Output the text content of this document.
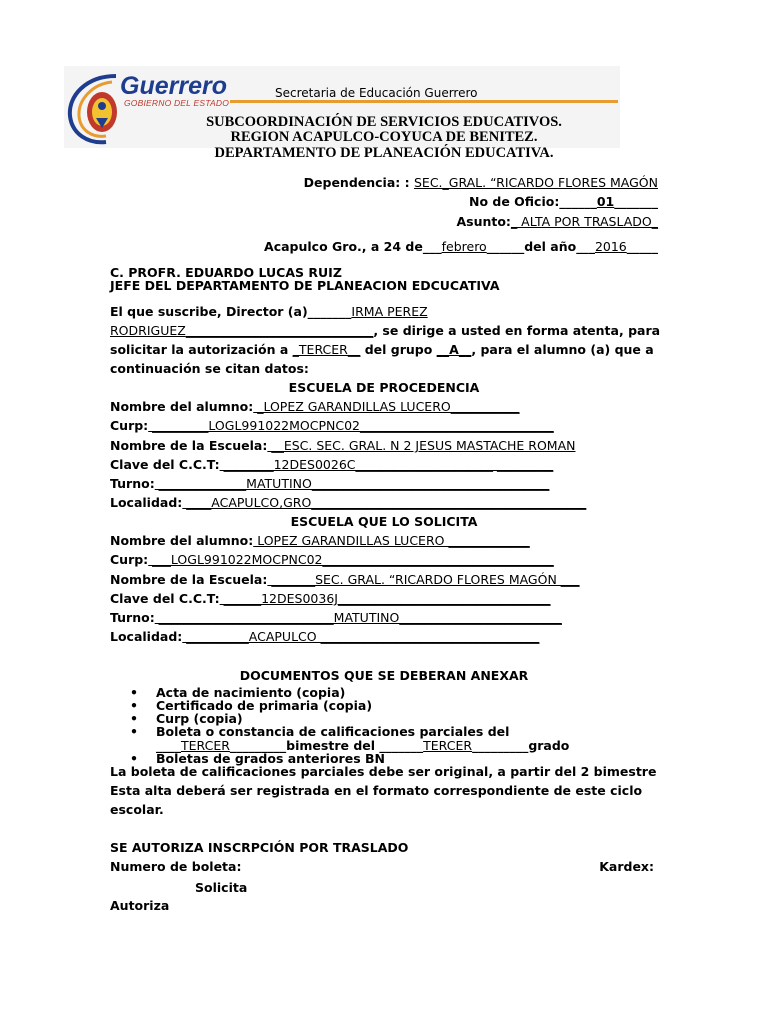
Guerrero
GOBIERNO DEL ESTADO
Secretaria de Educación Guerrero
SUBCOORDINACIÓN DE SERVICIOS EDUCATIVOS.
REGION ACAPULCO-COYUCA DE BENITEZ.
DEPARTAMENTO DE PLANEACIÓN EDUCATIVA.
Dependencia: : SEC._GRAL. “RICARDO FLORES MAGÓN
No de Oficio:______01_______
Asunto:_ ALTA POR TRASLADO_
Acapulco Gro., a 24 de___febrero______del año___2016_____
C. PROFR. EDUARDO LUCAS RUIZ
JEFE DEL DEPARTAMENTO DE PLANEACION EDCUCATIVA
El que suscribe, Director (a)_______IRMA PEREZ
RODRIGUEZ______________________________, se dirige a usted en forma atenta, para
solicitar la autorización a _TERCER__ del grupo __A__, para el alumno (a) que a
continuación se citan datos:
ESCUELA DE PROCEDENCIA
Nombre del alumno: _LOPEZ GARANDILLAS LUCERO___________
Curp: _________LOGL991022MOCPNC02_______________________________
Nombre de la Escuela: __ESC. SEC. GRAL. N 2 JESUS MASTACHE ROMAN
Clave del C.C.T: ________12DES0026C______________________ _________
Turno: ______________MATUTINO______________________________________
Localidad: ____ACAPULCO,GRO____________________________________________
ESCUELA QUE LO SOLICITA
Nombre del alumno: LOPEZ GARANDILLAS LUCERO _____________
Curp: ___LOGL991022MOCPNC02_____________________________________
Nombre de la Escuela: _______SEC. GRAL. “RICARDO FLORES MAGÓN ___
Clave del C.C.T: ______12DES0036J__________________________________
Turno: ____________________________MATUTINO__________________________
Localidad: __________ACAPULCO ___________________________________
DOCUMENTOS QUE SE DEBERAN ANEXAR
• Acta de nacimiento (copia)
• Certificado de primaria (copia)
• Curp (copia)
• Boleta o constancia de calificaciones parciales del
____TERCER_________bimestre del _______TERCER_________grado
• Boletas de grados anteriores BN
La boleta de calificaciones parciales debe ser original, a partir del 2 bimestre
Esta alta deberá ser registrada en el formato correspondiente de este ciclo
escolar.
SE AUTORIZA INSCRPCIÓN POR TRASLADO
Numero de boleta:	Kardex:
Solicita
Autoriza
